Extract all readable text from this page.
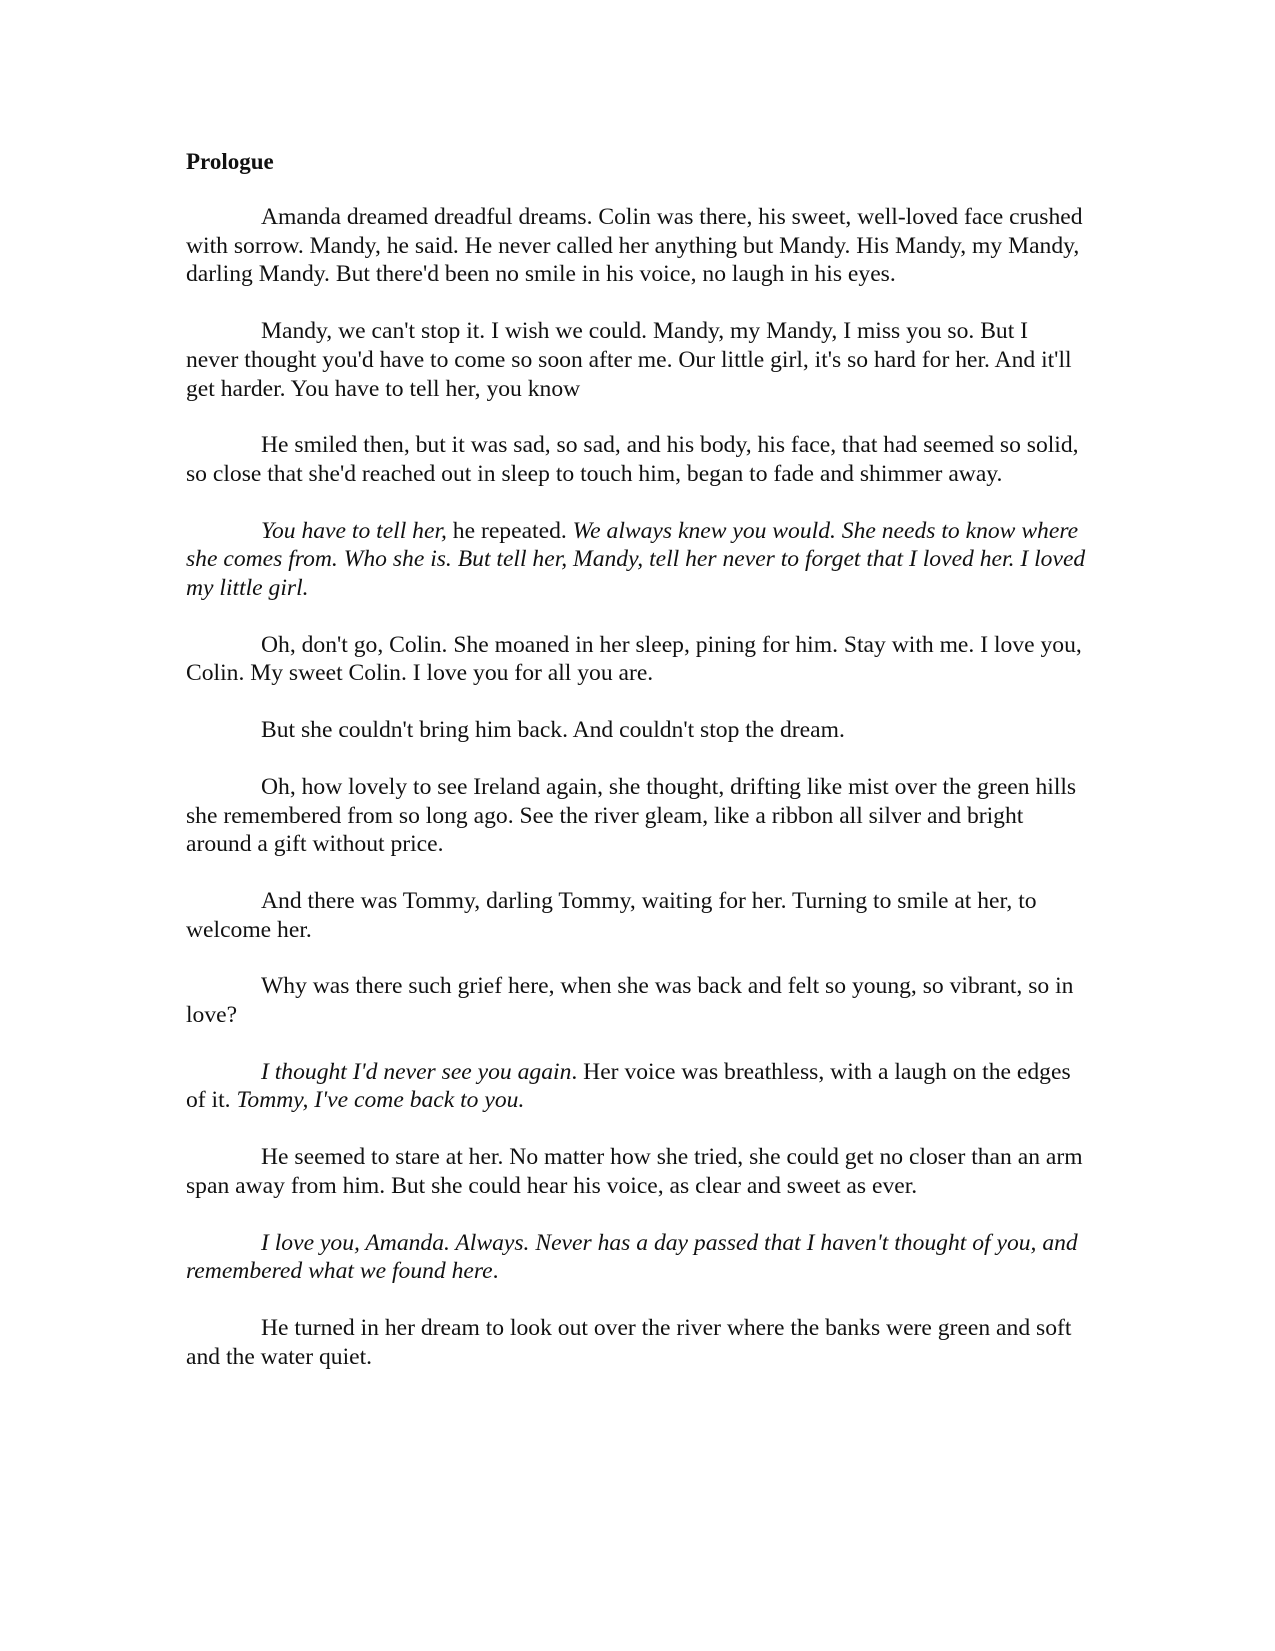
Prologue

Amanda dreamed dreadful dreams. Colin was there, his sweet, well-loved face crushed with sorrow. Mandy, he said. He never called her anything but Mandy. His Mandy, my Mandy, darling Mandy. But there'd been no smile in his voice, no laugh in his eyes.

Mandy, we can't stop it. I wish we could. Mandy, my Mandy, I miss you so. But I never thought you'd have to come so soon after me. Our little girl, it's so hard for her. And it'll get harder. You have to tell her, you know

He smiled then, but it was sad, so sad, and his body, his face, that had seemed so solid, so close that she'd reached out in sleep to touch him, began to fade and shimmer away.

You have to tell her, he repeated. We always knew you would. She needs to know where she comes from. Who she is. But tell her, Mandy, tell her never to forget that I loved her. I loved my little girl.

Oh, don't go, Colin. She moaned in her sleep, pining for him. Stay with me. I love you, Colin. My sweet Colin. I love you for all you are.

But she couldn't bring him back. And couldn't stop the dream.

Oh, how lovely to see Ireland again, she thought, drifting like mist over the green hills she remembered from so long ago. See the river gleam, like a ribbon all silver and bright around a gift without price.

And there was Tommy, darling Tommy, waiting for her. Turning to smile at her, to welcome her.

Why was there such grief here, when she was back and felt so young, so vibrant, so in love?

I thought I'd never see you again. Her voice was breathless, with a laugh on the edges of it. Tommy, I've come back to you.

He seemed to stare at her. No matter how she tried, she could get no closer than an arm span away from him. But she could hear his voice, as clear and sweet as ever.

I love you, Amanda. Always. Never has a day passed that I haven't thought of you, and remembered what we found here.

He turned in her dream to look out over the river where the banks were green and soft and the water quiet.
